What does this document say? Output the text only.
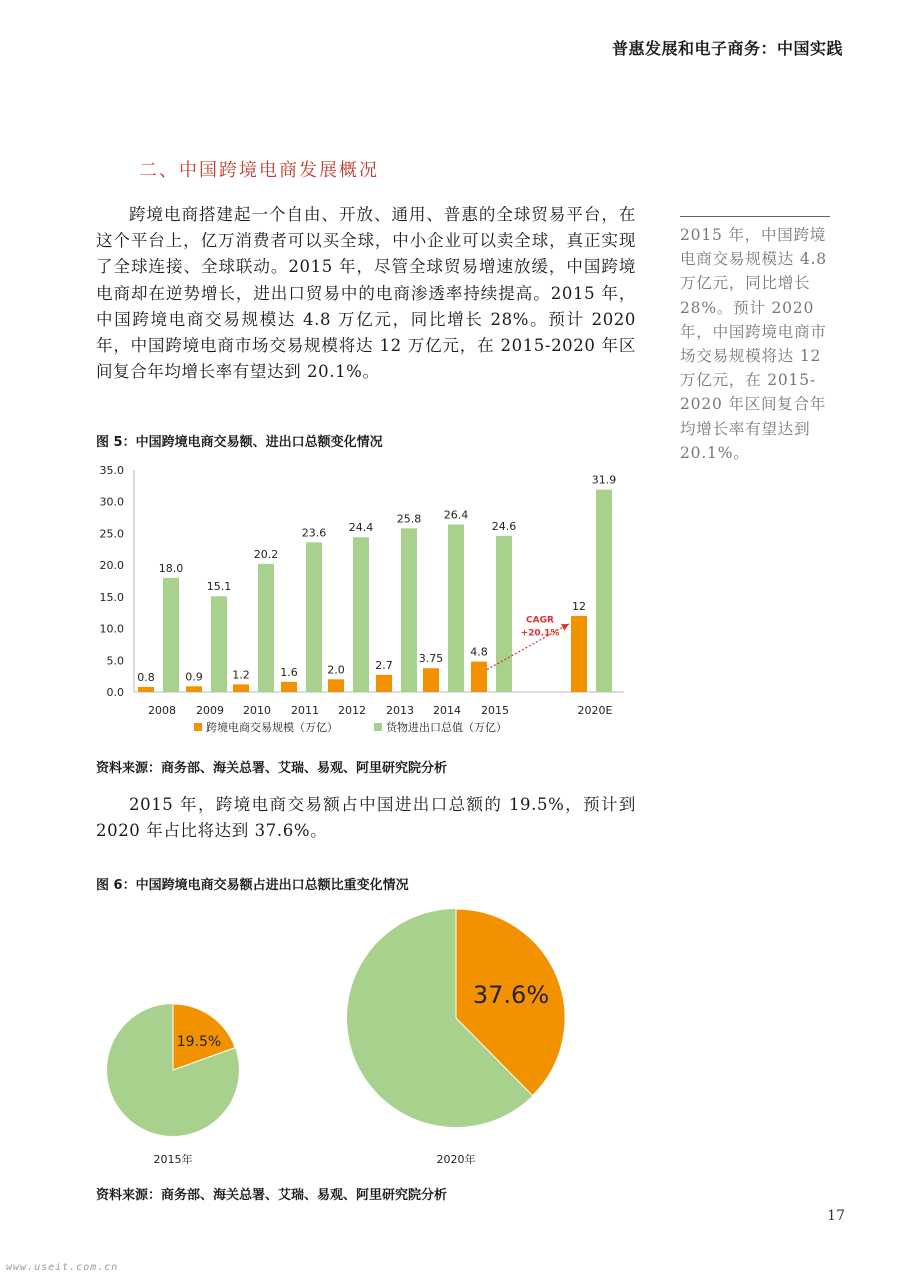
普惠发展和电子商务：中国实践
二、中国跨境电商发展概况

跨境电商搭建起一个自由、开放、通用、普惠的全球贸易平台，在这个平台上，亿万消费者可以买全球，中小企业可以卖全球，真正实现了全球连接、全球联动。2015 年，尽管全球贸易增速放缓，中国跨境电商却在逆势增长，进出口贸易中的电商渗透率持续提高。2015 年，中国跨境电商交易规模达 4.8 万亿元，同比增长 28%。预计 2020 年，中国跨境电商市场交易规模将达 12 万亿元，在 2015-2020 年区间复合年均增长率有望达到 20.1%。

2015 年，中国跨境电商交易规模达 4.8 万亿元，同比增长 28%。预计 2020 年，中国跨境电商市场交易规模将达 12 万亿元，在 2015-2020 年区间复合年均增长率有望达到 20.1%。
图 5：中国跨境电商交易额、进出口总额变化情况
0.0
5.0
10.0
15.0
20.0
25.0
30.0
35.0
0.8
18.0
2008
0.9
15.1
2009
1.2
20.2
2010
1.6
23.6
2011
2.0
24.4
2012
2.7
25.8
2013
3.75
26.4
2014
4.8
24.6
2015
12
31.9
2020E
CAGR
+20.1%
跨境电商交易规模（万亿）	货物进出口总值（万亿）
资料来源：商务部、海关总署、艾瑞、易观、阿里研究院分析

2015 年，跨境电商交易额占中国进出口总额的 19.5%，预计到 2020 年占比将达到 37.6%。

图 6：中国跨境电商交易额占进出口总额比重变化情况
19.5%
2015年
37.6%
2020年
资料来源：商务部、海关总署、艾瑞、易观、阿里研究院分析
17
www.useit.com.cn
